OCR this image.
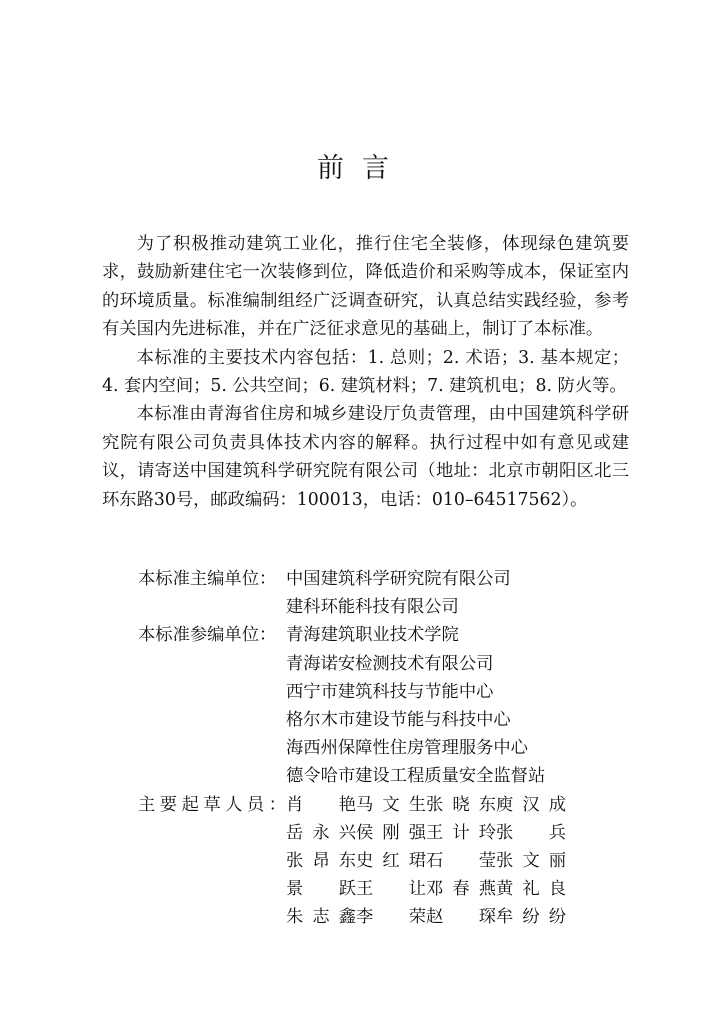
前言

为了积极推动建筑工业化，推行住宅全装修，体现绿色建筑要求，鼓励新建住宅一次装修到位，降低造价和采购等成本，保证室内的环境质量。标准编制组经广泛调查研究，认真总结实践经验，参考有关国内先进标准，并在广泛征求意见的基础上，制订了本标准。

本标准的主要技术内容包括：1. 总则；2. 术语；3. 基本规定；4. 套内空间；5. 公共空间；6. 建筑材料；7. 建筑机电；8. 防火等。

本标准由青海省住房和城乡建设厅负责管理，由中国建筑科学研究院有限公司负责具体技术内容的解释。执行过程中如有意见或建议，请寄送中国建筑科学研究院有限公司（地址：北京市朝阳区北三环东路30号，邮政编码：100013，电话：010–64517562）。

本标准主编单位： 中国建筑科学研究院有限公司
建科环能科技有限公司
本标准参编单位： 青海建筑职业技术学院
青海诺安检测技术有限公司
西宁市建筑科技与节能中心
格尔木市建设节能与科技中心
海西州保障性住房管理服务中心
德令哈市建设工程质量安全监督站
主要起草人员：
肖　艳 马文生 张晓东 庾汉成
岳永兴 侯刚强 王计玲 张　兵
张昂东 史红珺 石　莹 张文丽
景　跃 王　让 邓春燕 黄礼良
朱志鑫 李　荣 赵　琛 牟纷纷
